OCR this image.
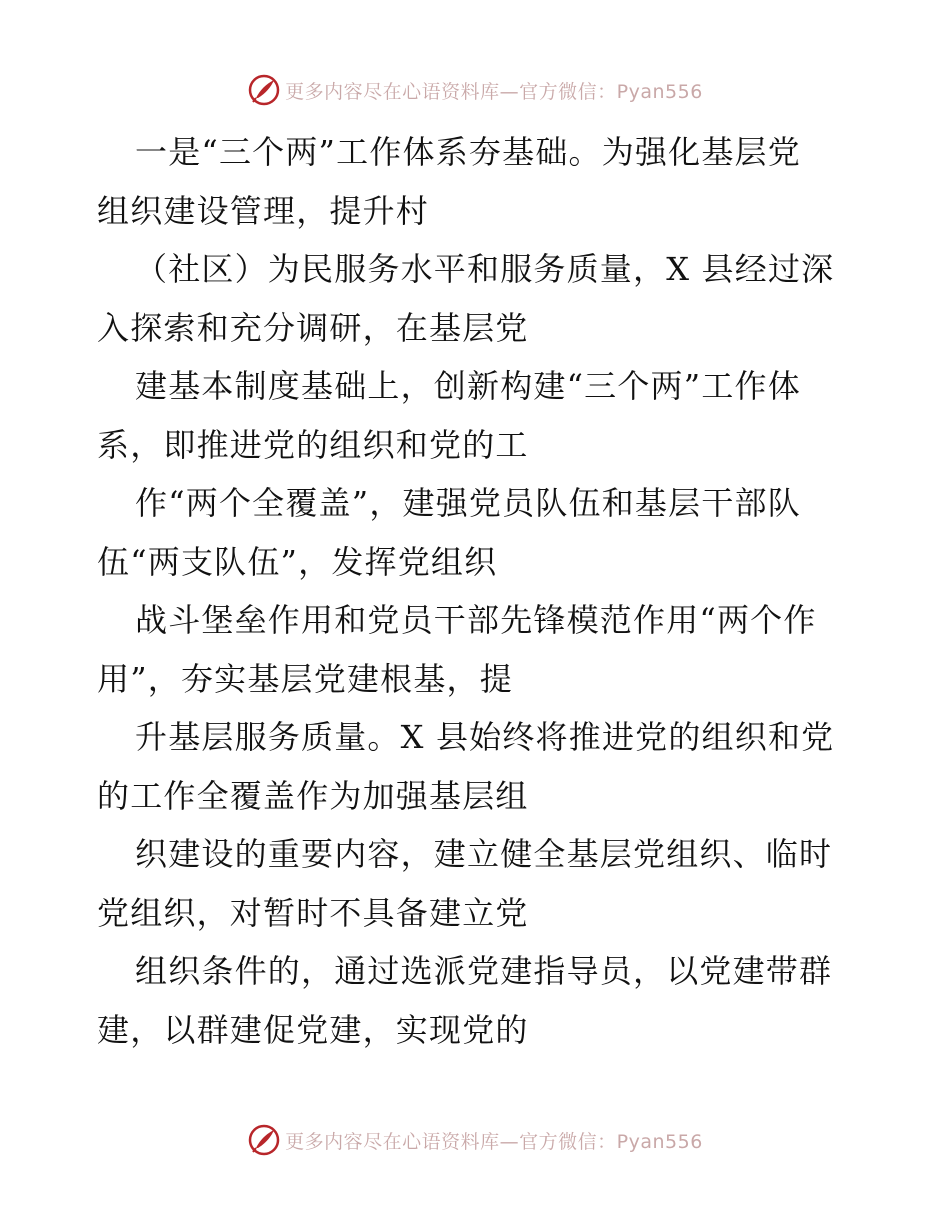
更多内容尽在心语资料库—官方微信：Pyan556
一是“三个两”工作体系夯基础。为强化基层党
组织建设管理，提升村
（社区）为民服务水平和服务质量，X 县经过深
入探索和充分调研，在基层党
建基本制度基础上，创新构建“三个两”工作体
系，即推进党的组织和党的工
作“两个全覆盖”，建强党员队伍和基层干部队
伍“两支队伍”，发挥党组织
战斗堡垒作用和党员干部先锋模范作用“两个作
用”，夯实基层党建根基，提
升基层服务质量。X 县始终将推进党的组织和党
的工作全覆盖作为加强基层组
织建设的重要内容，建立健全基层党组织、临时
党组织，对暂时不具备建立党
组织条件的，通过选派党建指导员，以党建带群
建，以群建促党建，实现党的
更多内容尽在心语资料库—官方微信：Pyan556
